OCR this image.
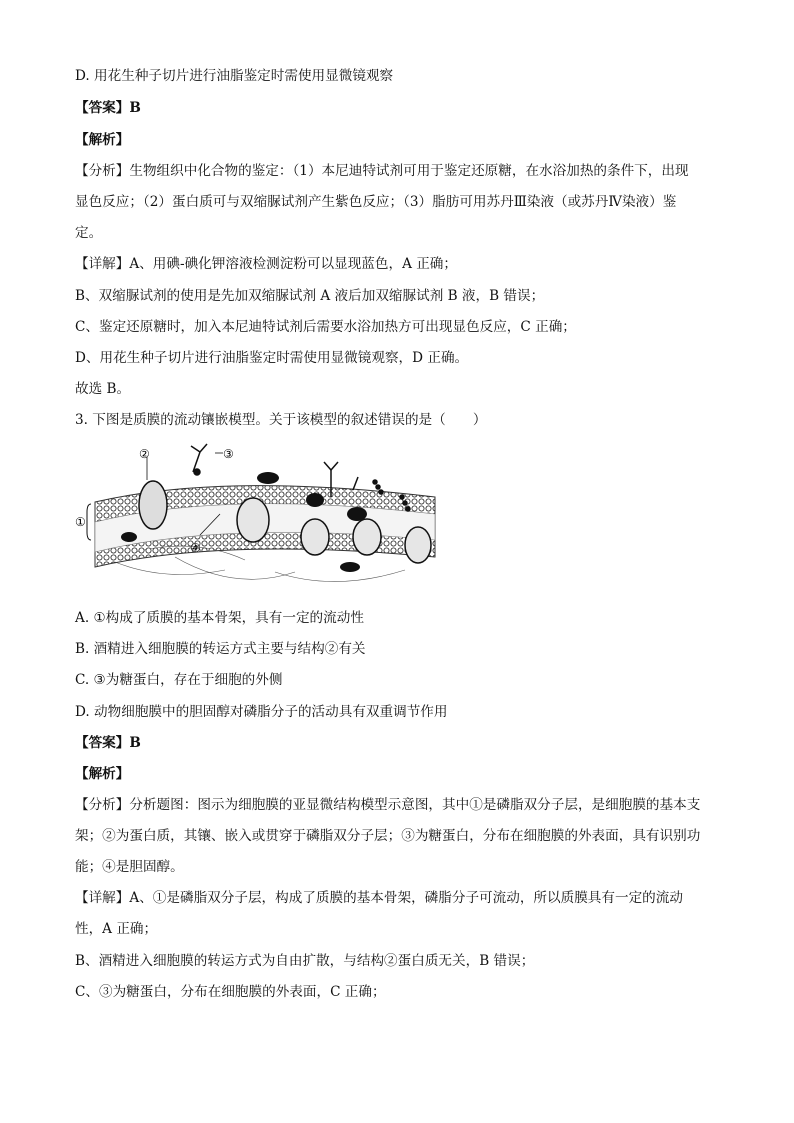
D. 用花生种子切片进行油脂鉴定时需使用显微镜观察
【答案】B
【解析】
【分析】生物组织中化合物的鉴定：（1）本尼迪特试剂可用于鉴定还原糖，在水浴加热的条件下，出现
显色反应；（2）蛋白质可与双缩脲试剂产生紫色反应；（3）脂肪可用苏丹Ⅲ染液（或苏丹Ⅳ染液）鉴
定。
【详解】A、用碘-碘化钾溶液检测淀粉可以显现蓝色，A 正确；
B、双缩脲试剂的使用是先加双缩脲试剂 A 液后加双缩脲试剂 B 液，B 错误；
C、鉴定还原糖时，加入本尼迪特试剂后需要水浴加热方可出现显色反应，C 正确；
D、用花生种子切片进行油脂鉴定时需使用显微镜观察，D 正确。
故选 B。
3. 下图是质膜的流动镶嵌模型。关于该模型的叙述错误的是（　　）
①
②	③
④
A. ①构成了质膜的基本骨架，具有一定的流动性
B. 酒精进入细胞膜的转运方式主要与结构②有关
C. ③为糖蛋白，存在于细胞的外侧
D. 动物细胞膜中的胆固醇对磷脂分子的活动具有双重调节作用
【答案】B
【解析】
【分析】分析题图：图示为细胞膜的亚显微结构模型示意图，其中①是磷脂双分子层，是细胞膜的基本支
架；②为蛋白质，其镶、嵌入或贯穿于磷脂双分子层；③为糖蛋白，分布在细胞膜的外表面，具有识别功
能；④是胆固醇。
【详解】A、①是磷脂双分子层，构成了质膜的基本骨架，磷脂分子可流动，所以质膜具有一定的流动
性，A 正确；
B、酒精进入细胞膜的转运方式为自由扩散，与结构②蛋白质无关，B 错误；
C、③为糖蛋白，分布在细胞膜的外表面，C 正确；
